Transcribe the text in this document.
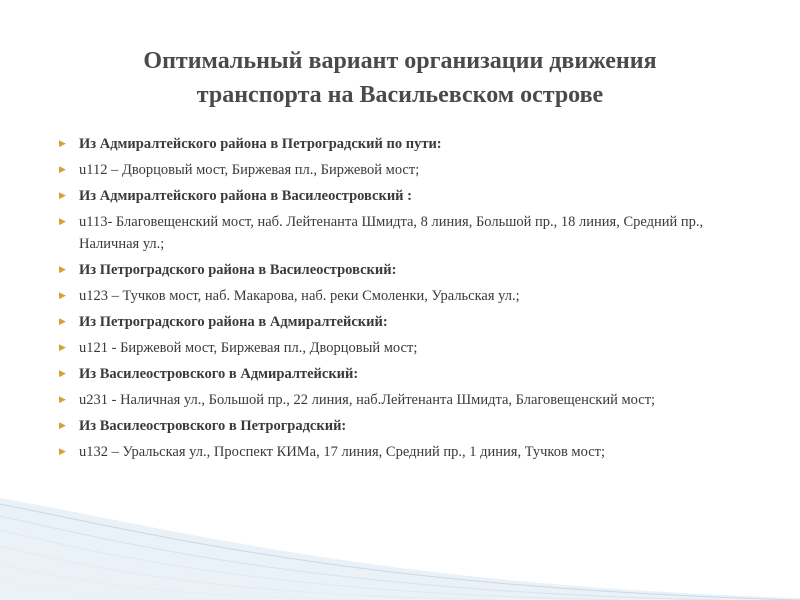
Оптимальный вариант организации движения
транспорта на Васильевском острове
▶ Из Адмиралтейского района в Петроградский по пути:
▶ u112 – Дворцовый мост, Биржевая пл., Биржевой мост;
▶ Из Адмиралтейского района в Василеостровский :
▶ u113- Благовещенский мост, наб. Лейтенанта Шмидта, 8 линия, Большой пр., 18 линия, Средний пр., Наличная ул.;
▶ Из Петроградского района в Василеостровский:
▶ u123 – Тучков мост, наб. Макарова, наб. реки Смоленки, Уральская ул.;
▶ Из Петроградского района в Адмиралтейский:
▶ u121 - Биржевой мост, Биржевая пл., Дворцовый мост;
▶ Из Василеостровского в Адмиралтейский:
▶ u231 - Наличная ул., Большой пр., 22 линия, наб.Лейтенанта Шмидта, Благовещенский мост;
▶ Из Василеостровского в Петроградский:
▶ u132 – Уральская ул., Проспект КИМа, 17 линия, Средний пр., 1 диния, Тучков мост;
